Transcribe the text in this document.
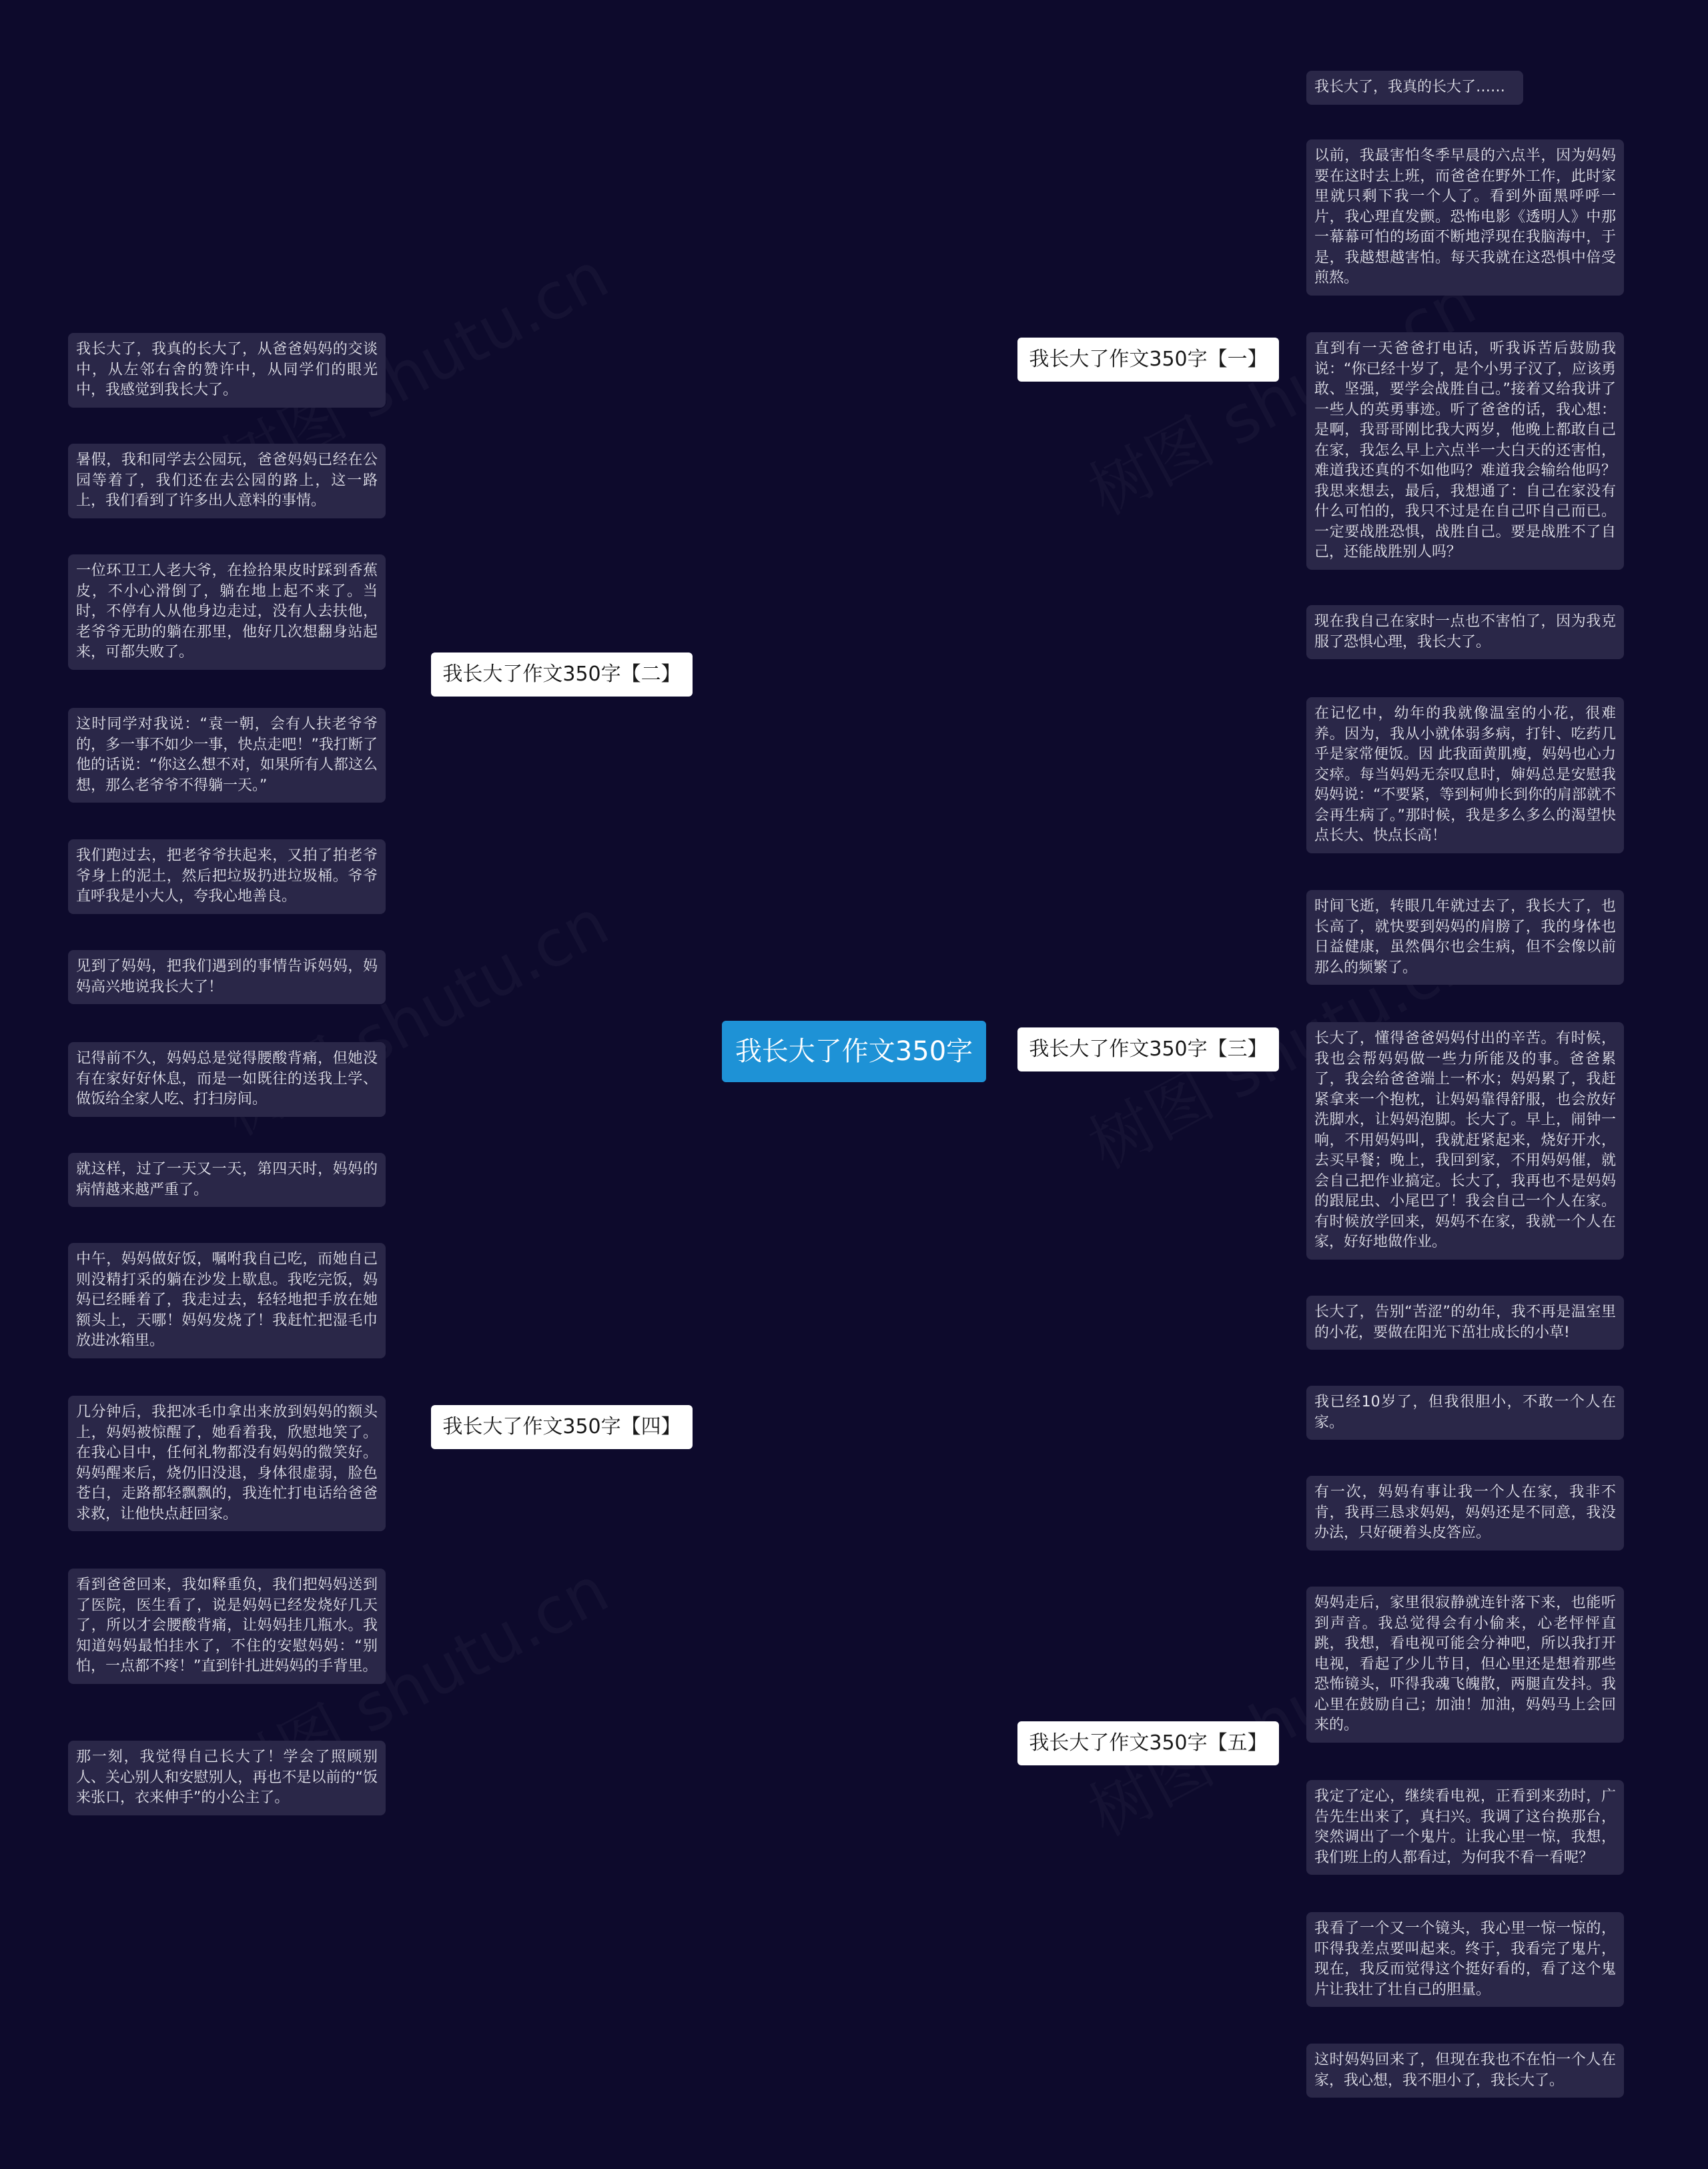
我长大了作文350字
我长大了作文350字【一】
我长大了，我真的长大了……
以前，我最害怕冬季早晨的六点半，因为妈妈要在这时去上班，而爸爸在野外工作，此时家里就只剩下我一个人了。看到外面黑呼呼一片，我心理直发颤。恐怖电影《透明人》中那一幕幕可怕的场面不断地浮现在我脑海中，于是，我越想越害怕。每天我就在这恐惧中倍受煎熬。
直到有一天爸爸打电话，听我诉苦后鼓励我说：“你已经十岁了，是个小男子汉了，应该勇敢、坚强，要学会战胜自己。”接着又给我讲了一些人的英勇事迹。听了爸爸的话，我心想：是啊，我哥哥刚比我大两岁，他晚上都敢自己在家，我怎么早上六点半一大白天的还害怕，难道我还真的不如他吗？难道我会输给他吗？我思来想去，最后，我想通了：自己在家没有什么可怕的，我只不过是在自己吓自己而已。一定要战胜恐惧，战胜自己。要是战胜不了自己，还能战胜别人吗？
现在我自己在家时一点也不害怕了，因为我克服了恐惧心理，我长大了。
我长大了作文350字【二】
我长大了，我真的长大了，从爸爸妈妈的交谈中，从左邻右舍的赞许中，从同学们的眼光中，我感觉到我长大了。
暑假，我和同学去公园玩，爸爸妈妈已经在公园等着了，我们还在去公园的路上，这一路上，我们看到了许多出人意料的事情。
一位环卫工人老大爷，在捡拾果皮时踩到香蕉皮，不小心滑倒了，躺在地上起不来了。当时，不停有人从他身边走过，没有人去扶他，老爷爷无助的躺在那里，他好几次想翻身站起来，可都失败了。
这时同学对我说：“袁一朝，会有人扶老爷爷的，多一事不如少一事，快点走吧！”我打断了他的话说：“你这么想不对，如果所有人都这么想，那么老爷爷不得躺一天。”
我们跑过去，把老爷爷扶起来，又拍了拍老爷爷身上的泥土，然后把垃圾扔进垃圾桶。爷爷直呼我是小大人，夸我心地善良。
见到了妈妈，把我们遇到的事情告诉妈妈，妈妈高兴地说我长大了！
我长大了作文350字【三】
在记忆中，幼年的我就像温室的小花，很难养。因为，我从小就体弱多病，打针、吃药几乎是家常便饭。因 此我面黄肌瘦，妈妈也心力交瘁。每当妈妈无奈叹息时，婶妈总是安慰我妈妈说：“不要紧，等到柯帅长到你的肩部就不会再生病了。”那时候，我是多么多么的渴望快点长大、快点长高！
时间飞逝，转眼几年就过去了，我长大了，也长高了，就快要到妈妈的肩膀了，我的身体也日益健康，虽然偶尔也会生病，但不会像以前那么的频繁了。
长大了，懂得爸爸妈妈付出的辛苦。有时候，我也会帮妈妈做一些力所能及的事。爸爸累了，我会给爸爸端上一杯水；妈妈累了，我赶紧拿来一个抱枕，让妈妈靠得舒服，也会放好洗脚水，让妈妈泡脚。长大了。早上，闹钟一响，不用妈妈叫，我就赶紧起来，烧好开水，去买早餐；晚上，我回到家，不用妈妈催，就会自己把作业搞定。长大了，我再也不是妈妈的跟屁虫、小尾巴了！我会自己一个人在家。有时候放学回来，妈妈不在家，我就一个人在家，好好地做作业。
长大了，告别“苦涩”的幼年，我不再是温室里的小花，要做在阳光下茁壮成长的小草!
我长大了作文350字【四】
记得前不久，妈妈总是觉得腰酸背痛，但她没有在家好好休息，而是一如既往的送我上学、做饭给全家人吃、打扫房间。
就这样，过了一天又一天，第四天时，妈妈的病情越来越严重了。
中午，妈妈做好饭，嘱咐我自己吃，而她自己则没精打采的躺在沙发上歇息。我吃完饭，妈妈已经睡着了，我走过去，轻轻地把手放在她额头上，天哪！妈妈发烧了！我赶忙把湿毛巾放进冰箱里。
几分钟后，我把冰毛巾拿出来放到妈妈的额头上，妈妈被惊醒了，她看着我，欣慰地笑了。在我心目中，任何礼物都没有妈妈的微笑好。妈妈醒来后，烧仍旧没退，身体很虚弱，脸色苍白，走路都轻飘飘的，我连忙打电话给爸爸求救，让他快点赶回家。
看到爸爸回来，我如释重负，我们把妈妈送到了医院，医生看了，说是妈妈已经发烧好几天了，所以才会腰酸背痛，让妈妈挂几瓶水。我知道妈妈最怕挂水了，不住的安慰妈妈：“别怕，一点都不疼！”直到针扎进妈妈的手背里。
那一刻，我觉得自己长大了！学会了照顾别人、关心别人和安慰别人，再也不是以前的“饭来张口，衣来伸手”的小公主了。
我长大了作文350字【五】
我已经10岁了，但我很胆小，不敢一个人在家。
有一次，妈妈有事让我一个人在家，我非不肯，我再三恳求妈妈，妈妈还是不同意，我没办法，只好硬着头皮答应。
妈妈走后，家里很寂静就连针落下来，也能听到声音。我总觉得会有小偷来，心老怦怦直跳，我想，看电视可能会分神吧，所以我打开电视，看起了少儿节目，但心里还是想着那些恐怖镜头，吓得我魂飞魄散，两腿直发抖。我心里在鼓励自己；加油！加油，妈妈马上会回来的。
我定了定心，继续看电视，正看到来劲时，广告先生出来了，真扫兴。我调了这台换那台，突然调出了一个鬼片。让我心里一惊，我想，我们班上的人都看过，为何我不看一看呢？
我看了一个又一个镜头，我心里一惊一惊的，吓得我差点要叫起来。终于，我看完了鬼片，现在，我反而觉得这个挺好看的，看了这个鬼片让我壮了壮自己的胆量。
这时妈妈回来了，但现在我也不在怕一个人在家，我心想，我不胆小了，我长大了。
